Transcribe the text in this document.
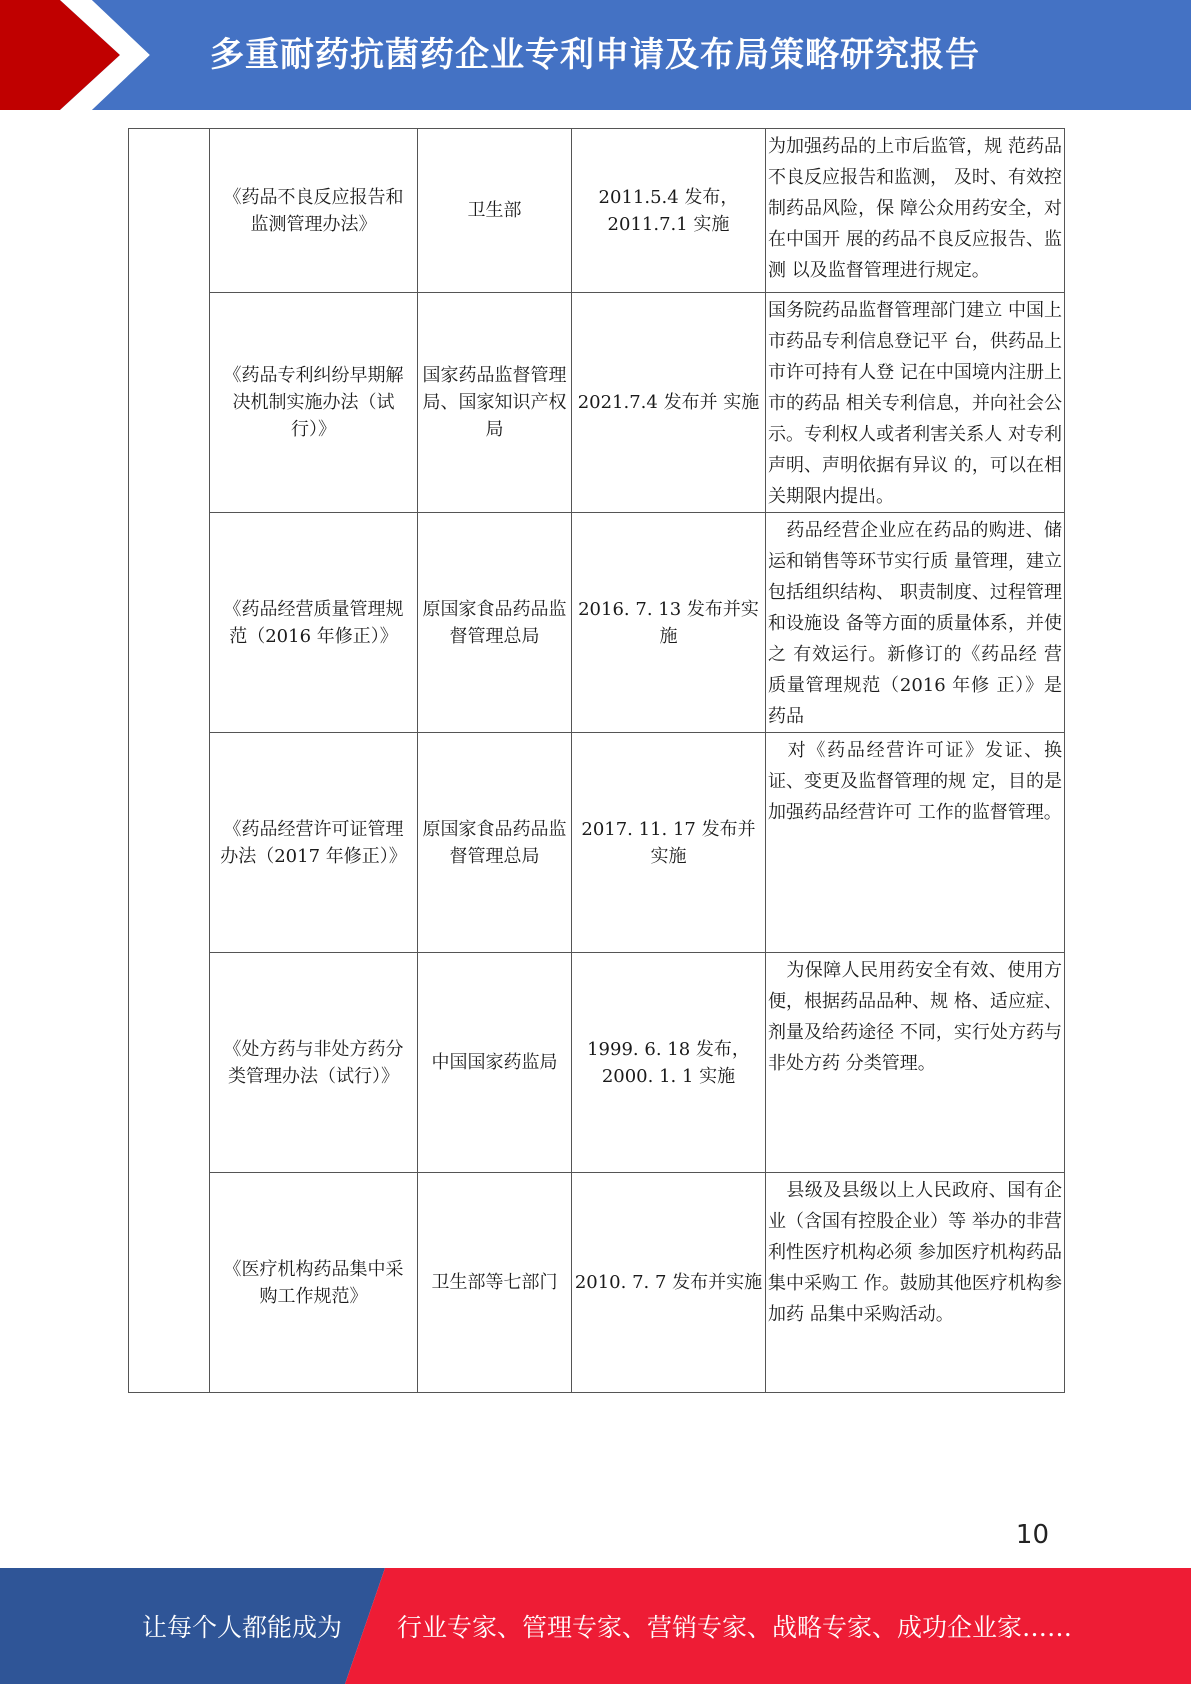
多重耐药抗菌药企业专利申请及布局策略研究报告
	《药品不良反应报告和监测管理办法》	卫生部	2011.5.4 发布，2011.7.1 实施	为加强药品的上市后监管，规 范药品不良反应报告和监测， 及时、有效控制药品风险，保 障公众用药安全，对在中国开 展的药品不良反应报告、监测 以及监督管理进行规定。

	《药品专利纠纷早期解决机制实施办法（试行）》	国家药品监督管理局、国家知识产权局	2021.7.4 发布并 实施	国务院药品监督管理部门建立 中国上市药品专利信息登记平 台，供药品上市许可持有人登 记在中国境内注册上市的药品 相关专利信息，并向社会公 示。专利权人或者利害关系人 对专利声明、声明依据有异议 的，可以在相关期限内提出。

	《药品经营质量管理规范（2016 年修正）》	原国家食品药品监督管理总局	2016. 7. 13 发布并实施	　药品经营企业应在药品的购进、储运和销售等环节实行质 量管理，建立包括组织结构、 职责制度、过程管理和设施设 备等方面的质量体系，并使之 有效运行。新修订的《药品经 营质量管理规范（2016 年修 正）》是药品

	《药品经营许可证管理办法（2017 年修正）》	原国家食品药品监督管理总局	2017. 11. 17 发布并实施	　对《药品经营许可证》发证、换证、变更及监督管理的规 定，目的是加强药品经营许可 工作的监督管理。

	《处方药与非处方药分类管理办法（试行）》	中国国家药监局	1999. 6. 18 发布，2000. 1. 1 实施	　为保障人民用药安全有效、使用方便，根据药品品种、规 格、适应症、剂量及给药途径 不同，实行处方药与非处方药 分类管理。

	《医疗机构药品集中采购工作规范》	卫生部等七部门	2010. 7. 7 发布并实施	　县级及县级以上人民政府、国有企业（含国有控股企业）等 举办的非营利性医疗机构必须 参加医疗机构药品集中采购工 作。鼓励其他医疗机构参加药 品集中采购活动。
10
让每个人都能成为 行业专家、管理专家、营销专家、战略专家、成功企业家……
